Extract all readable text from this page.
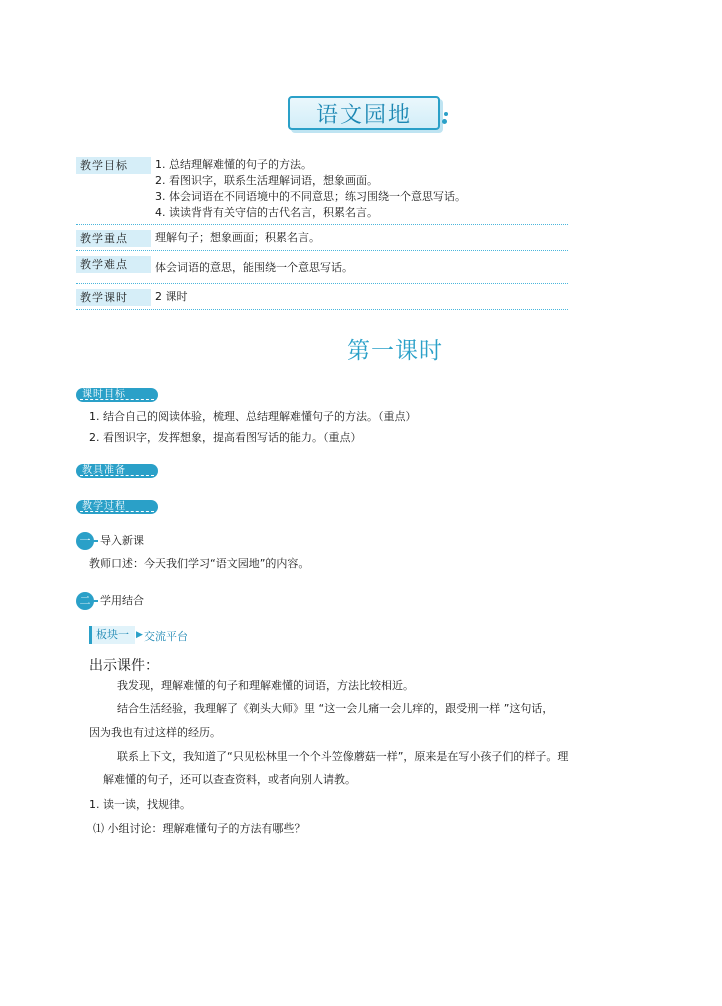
语文园地
教学目标	1. 总结理解难懂的句子的方法。
2. 看图识字，联系生活理解词语，想象画面。
3. 体会词语在不同语境中的不同意思；练习围绕一个意思写话。
4. 读读背背有关守信的古代名言，积累名言。
教学重点	理解句子；想象画面；积累名言。
教学难点	体会词语的意思，能围绕一个意思写话。
教学课时	2 课时
第一课时
课时目标
1. 结合自己的阅读体验，梳理、总结理解难懂句子的方法。（重点）
2. 看图识字，发挥想象，提高看图写话的能力。（重点）
教具准备
教学过程
一 导入新课
教师口述：今天我们学习“语文园地”的内容。
二 学用结合
板块一 ▶ 交流平台
出示课件：
我发现，理解难懂的句子和理解难懂的词语，方法比较相近。
结合生活经验，我理解了《剃头大师》里 “这一会儿痛一会儿痒的，跟受刑一样 ”这句话，
因为我也有过这样的经历。
联系上下文，我知道了“只见松林里一个个斗笠像蘑菇一样”，原来是在写小孩子们的样子。理
解难懂的句子，还可以查查资料，或者向别人请教。
1. 读一读，找规律。
⑴ 小组讨论：理解难懂句子的方法有哪些？
